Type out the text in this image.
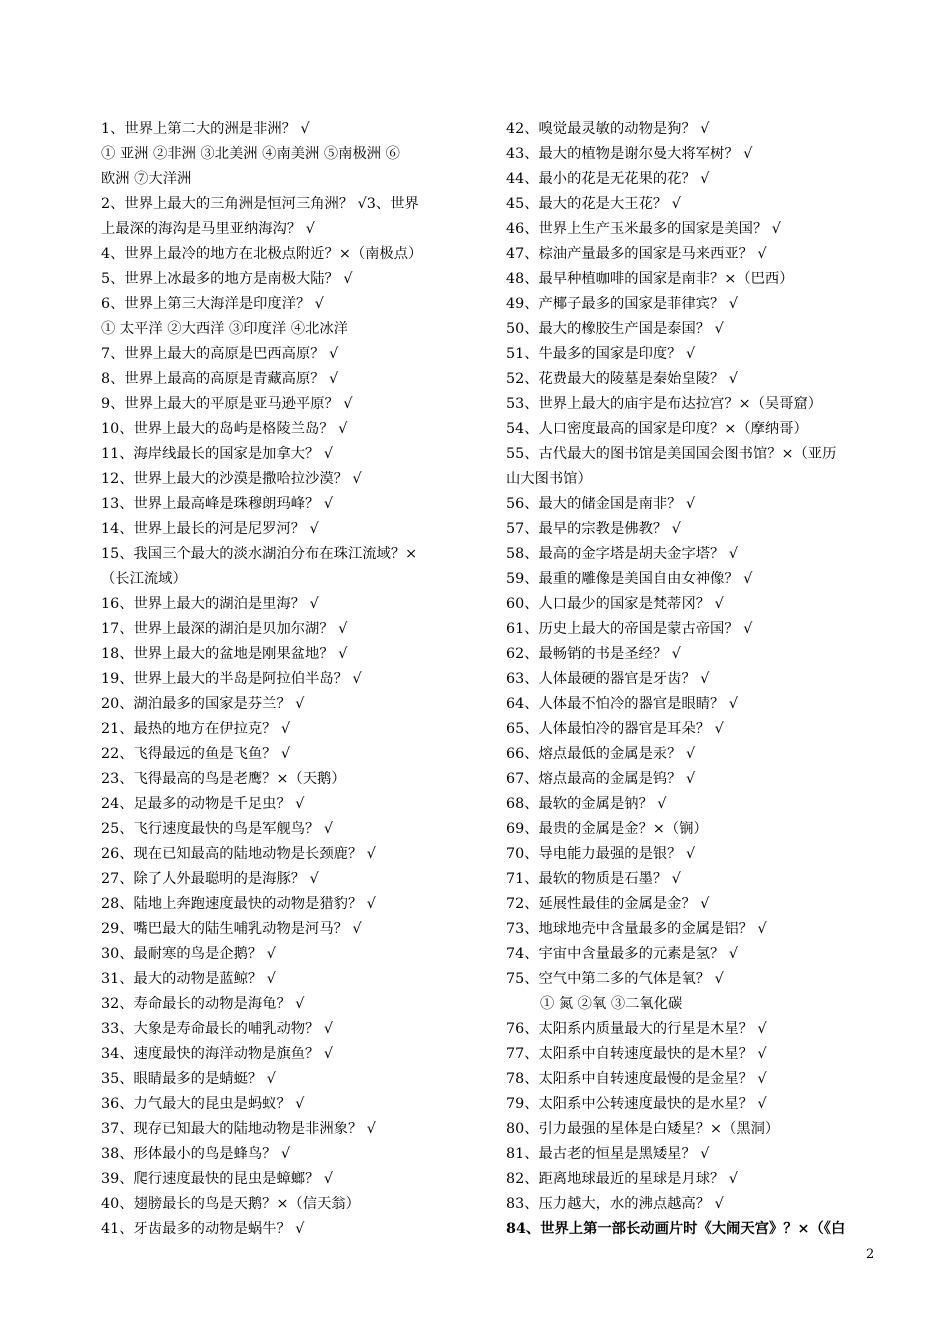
1、世界上第二大的洲是非洲？ √
① 亚洲 ②非洲 ③北美洲 ④南美洲 ⑤南极洲 ⑥
欧洲 ⑦大洋洲
2、世界上最大的三角洲是恒河三角洲？ √3、世界
上最深的海沟是马里亚纳海沟？ √
4、世界上最冷的地方在北极点附近？×（南极点）
5、世界上冰最多的地方是南极大陆？ √
6、世界上第三大海洋是印度洋？ √
① 太平洋 ②大西洋 ③印度洋 ④北冰洋
7、世界上最大的高原是巴西高原？ √
8、世界上最高的高原是青藏高原？ √
9、世界上最大的平原是亚马逊平原？ √
10、世界上最大的岛屿是格陵兰岛？ √
11、海岸线最长的国家是加拿大？ √
12、世界上最大的沙漠是撒哈拉沙漠？ √
13、世界上最高峰是珠穆朗玛峰？ √
14、世界上最长的河是尼罗河？ √
15、我国三个最大的淡水湖泊分布在珠江流域？×
（长江流域）
16、世界上最大的湖泊是里海？ √
17、世界上最深的湖泊是贝加尔湖？ √
18、世界上最大的盆地是刚果盆地？ √
19、世界上最大的半岛是阿拉伯半岛？ √
20、湖泊最多的国家是芬兰？ √
21、最热的地方在伊拉克？ √
22、飞得最远的鱼是飞鱼？ √
23、飞得最高的鸟是老鹰？×（天鹅）
24、足最多的动物是千足虫？ √
25、飞行速度最快的鸟是军舰鸟？ √
26、现在已知最高的陆地动物是长颈鹿？ √
27、除了人外最聪明的是海豚？ √
28、陆地上奔跑速度最快的动物是猎豹？ √
29、嘴巴最大的陆生哺乳动物是河马？ √
30、最耐寒的鸟是企鹅？ √
31、最大的动物是蓝鲸？ √
32、寿命最长的动物是海龟？ √
33、大象是寿命最长的哺乳动物？ √
34、速度最快的海洋动物是旗鱼？ √
35、眼睛最多的是蜻蜓？ √
36、力气最大的昆虫是蚂蚁？ √
37、现存已知最大的陆地动物是非洲象？ √
38、形体最小的鸟是蜂鸟？ √
39、爬行速度最快的昆虫是蟑螂？ √
40、翅膀最长的鸟是天鹅？×（信天翁）
41、牙齿最多的动物是蜗牛？ √
42、嗅觉最灵敏的动物是狗？ √
43、最大的植物是谢尔曼大将军树？ √
44、最小的花是无花果的花？ √
45、最大的花是大王花？ √
46、世界上生产玉米最多的国家是美国？ √
47、棕油产量最多的国家是马来西亚？ √
48、最早种植咖啡的国家是南非？×（巴西）
49、产椰子最多的国家是菲律宾？ √
50、最大的橡胶生产国是泰国？ √
51、牛最多的国家是印度？ √
52、花费最大的陵墓是秦始皇陵？ √
53、世界上最大的庙宇是布达拉宫？×（吴哥窟）
54、人口密度最高的国家是印度？×（摩纳哥）
55、古代最大的图书馆是美国国会图书馆？×（亚历
山大图书馆）
56、最大的储金国是南非？ √
57、最早的宗教是佛教？ √
58、最高的金字塔是胡夫金字塔？ √
59、最重的雕像是美国自由女神像？ √
60、人口最少的国家是梵蒂冈？ √
61、历史上最大的帝国是蒙古帝国？ √
62、最畅销的书是圣经？ √
63、人体最硬的器官是牙齿？ √
64、人体最不怕冷的器官是眼睛？ √
65、人体最怕冷的器官是耳朵？ √
66、熔点最低的金属是汞？ √
67、熔点最高的金属是钨？ √
68、最软的金属是钠？ √
69、最贵的金属是金？×（锎）
70、导电能力最强的是银？ √
71、最软的物质是石墨？ √
72、延展性最佳的金属是金？ √
73、地球地壳中含量最多的金属是铝？ √
74、宇宙中含量最多的元素是氢？ √
75、空气中第二多的气体是氧？ √
① 氮 ②氧 ③二氧化碳
76、太阳系内质量最大的行星是木星？ √
77、太阳系中自转速度最快的是木星？ √
78、太阳系中自转速度最慢的是金星？ √
79、太阳系中公转速度最快的是水星？ √
80、引力最强的星体是白矮星？×（黑洞）
81、最古老的恒星是黑矮星？ √
82、距离地球最近的星球是月球？ √
83、压力越大，水的沸点越高？ √
84、世界上第一部长动画片时《大闹天宫》？×（《白
2
